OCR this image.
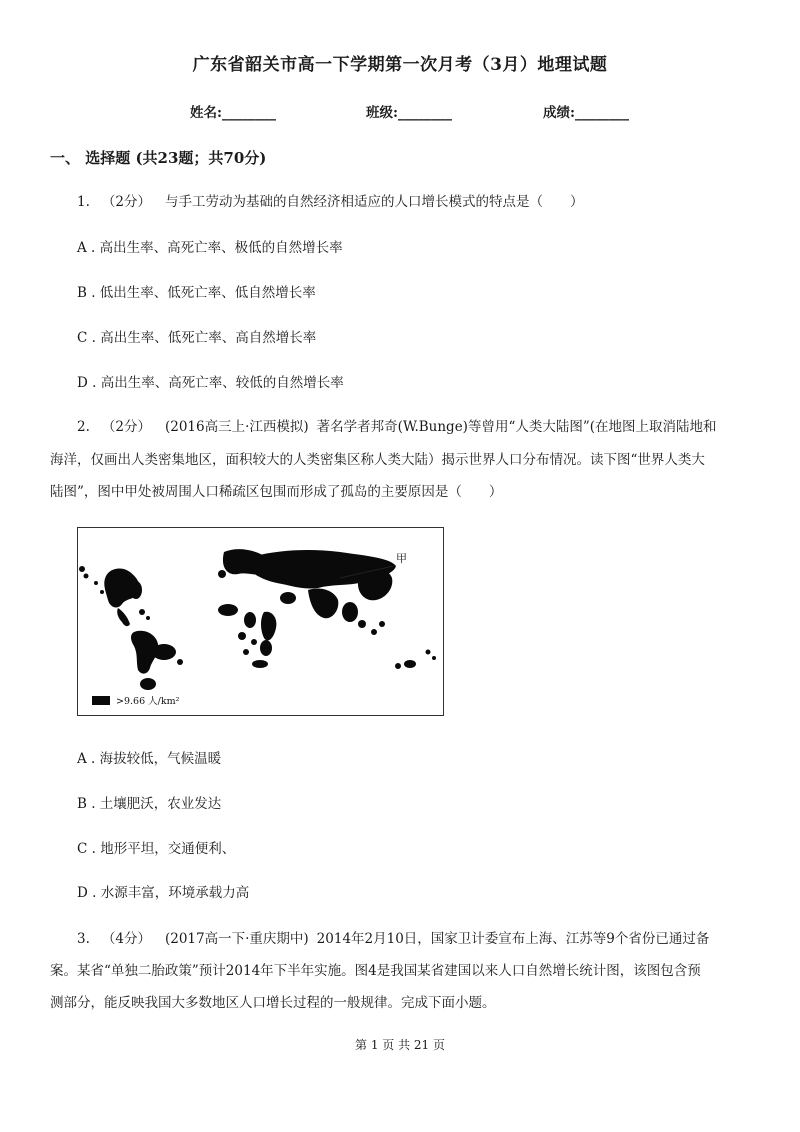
广东省韶关市高一下学期第一次月考（3月）地理试题
姓名:________	班级:________	成绩:________
一、 选择题 (共23题；共70分)
1. （2分） 与手工劳动为基础的自然经济相适应的人口增长模式的特点是（　　）
A . 高出生率、高死亡率、极低的自然增长率
B . 低出生率、低死亡率、低自然增长率
C . 高出生率、低死亡率、高自然增长率
D . 高出生率、高死亡率、较低的自然增长率
2. （2分） (2016高三上·江西模拟) 著名学者邦奇(W.Bunge)等曾用“人类大陆图”(在地图上取消陆地和
海洋，仅画出人类密集地区，面积较大的人类密集区称人类大陆）揭示世界人口分布情况。读下图“世界人类大
陆图”，图中甲处被周围人口稀疏区包围而形成了孤岛的主要原因是（　　）
甲
>9.66 人/km²
A . 海拔较低，气候温暖
B . 土壤肥沃，农业发达
C . 地形平坦，交通便利、
D . 水源丰富，环境承载力高
3. （4分） (2017高一下·重庆期中) 2014年2月10日，国家卫计委宣布上海、江苏等9个省份已通过备
案。某省“单独二胎政策”预计2014年下半年实施。图4是我国某省建国以来人口自然增长统计图，该图包含预
测部分，能反映我国大多数地区人口增长过程的一般规律。完成下面小题。
第 1 页 共 21 页
